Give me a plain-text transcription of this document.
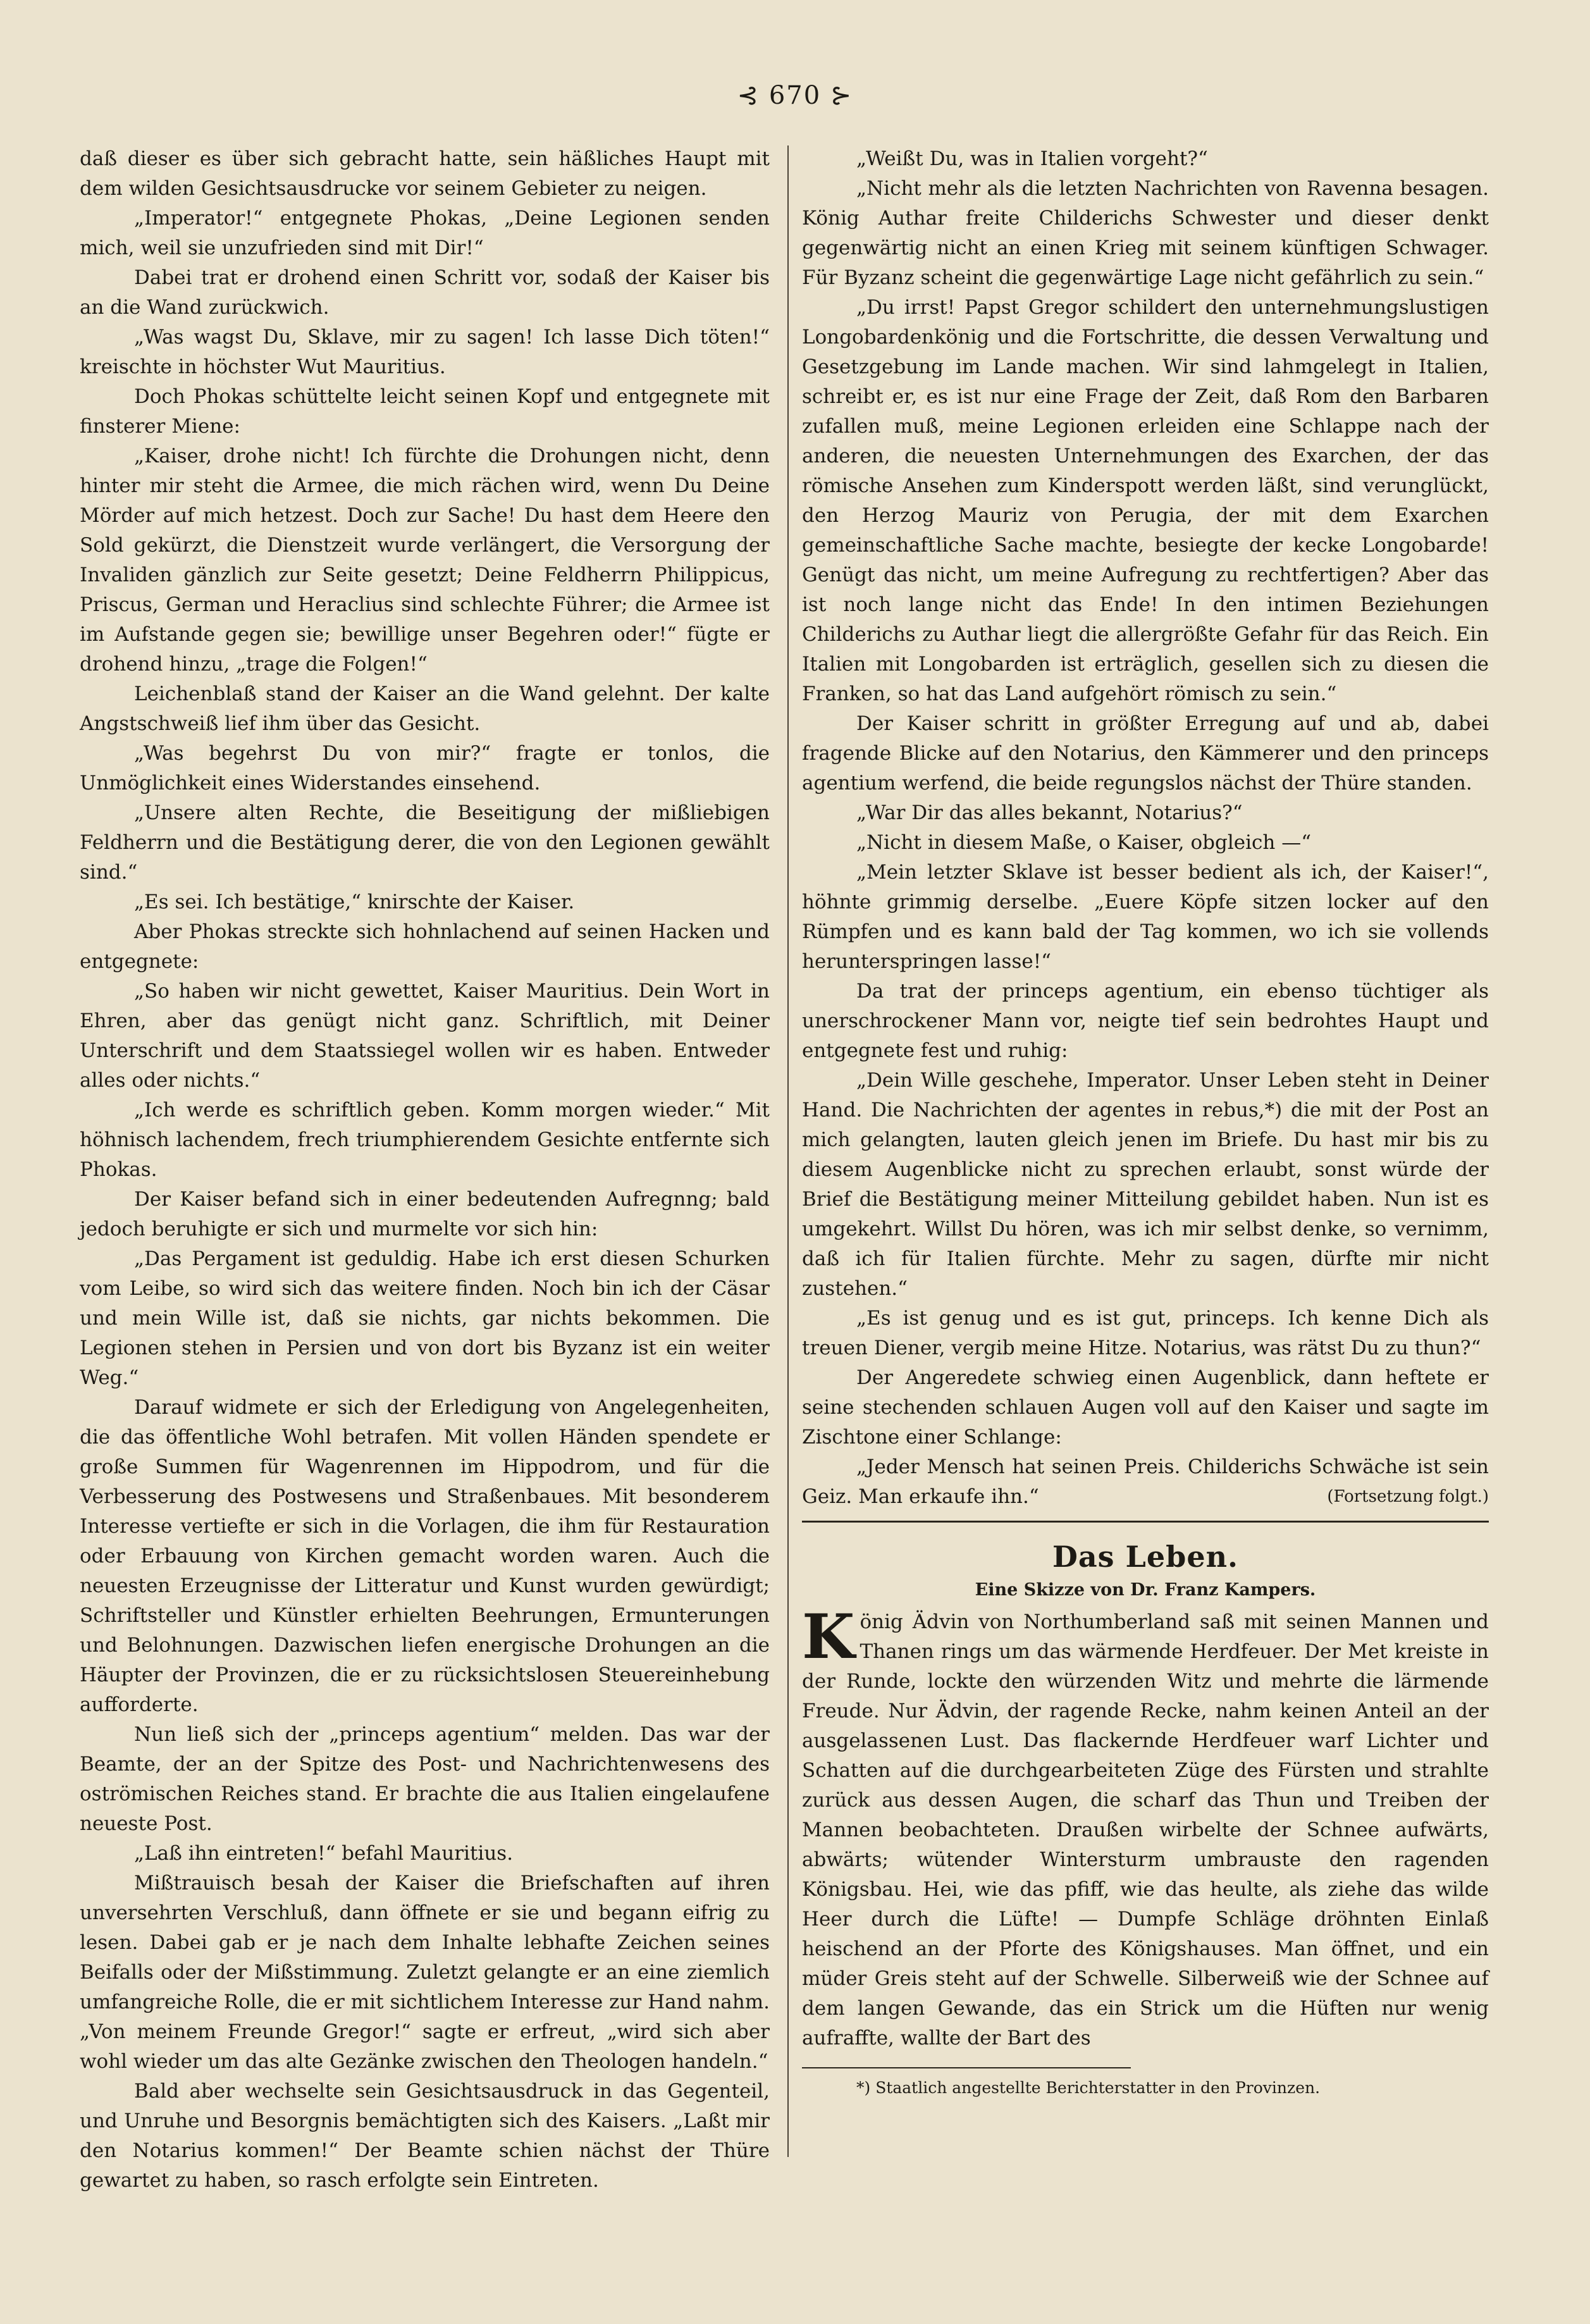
⊰ 670 ⊱

daß dieser es über sich gebracht hatte, sein häßliches Haupt mit dem wilden Gesichtsausdrucke vor seinem Gebieter zu neigen.

„Imperator!“ entgegnete Phokas, „Deine Legionen senden mich, weil sie unzufrieden sind mit Dir!“

Dabei trat er drohend einen Schritt vor, sodaß der Kaiser bis an die Wand zurückwich.

„Was wagst Du, Sklave, mir zu sagen! Ich lasse Dich töten!“ kreischte in höchster Wut Mauritius.

Doch Phokas schüttelte leicht seinen Kopf und entgegnete mit finsterer Miene:

„Kaiser, drohe nicht! Ich fürchte die Drohungen nicht, denn hinter mir steht die Armee, die mich rächen wird, wenn Du Deine Mörder auf mich hetzest. Doch zur Sache! Du hast dem Heere den Sold gekürzt, die Dienstzeit wurde verlängert, die Versorgung der Invaliden gänzlich zur Seite gesetzt; Deine Feldherrn Philippicus, Priscus, German und Heraclius sind schlechte Führer; die Armee ist im Aufstande gegen sie; bewillige unser Begehren oder!“ fügte er drohend hinzu, „trage die Folgen!“

Leichenblaß stand der Kaiser an die Wand gelehnt. Der kalte Angstschweiß lief ihm über das Gesicht.

„Was begehrst Du von mir?“ fragte er tonlos, die Unmöglichkeit eines Widerstandes einsehend.

„Unsere alten Rechte, die Beseitigung der mißliebigen Feldherrn und die Bestätigung derer, die von den Legionen gewählt sind.“

„Es sei. Ich bestätige,“ knirschte der Kaiser.

Aber Phokas streckte sich hohnlachend auf seinen Hacken und entgegnete:

„So haben wir nicht gewettet, Kaiser Mauritius. Dein Wort in Ehren, aber das genügt nicht ganz. Schriftlich, mit Deiner Unterschrift und dem Staatssiegel wollen wir es haben. Entweder alles oder nichts.“

„Ich werde es schriftlich geben. Komm morgen wieder.“ Mit höhnisch lachendem, frech triumphierendem Gesichte entfernte sich Phokas.

Der Kaiser befand sich in einer bedeutenden Aufregnng; bald jedoch beruhigte er sich und murmelte vor sich hin:

„Das Pergament ist geduldig. Habe ich erst diesen Schurken vom Leibe, so wird sich das weitere finden. Noch bin ich der Cäsar und mein Wille ist, daß sie nichts, gar nichts bekommen. Die Legionen stehen in Persien und von dort bis Byzanz ist ein weiter Weg.“

Darauf widmete er sich der Erledigung von Angelegenheiten, die das öffentliche Wohl betrafen. Mit vollen Händen spendete er große Summen für Wagenrennen im Hippodrom, und für die Verbesserung des Postwesens und Straßenbaues. Mit besonderem Interesse vertiefte er sich in die Vorlagen, die ihm für Restauration oder Erbauung von Kirchen gemacht worden waren. Auch die neuesten Erzeugnisse der Litteratur und Kunst wurden gewürdigt; Schriftsteller und Künstler erhielten Beehrungen, Ermunterungen und Belohnungen. Dazwischen liefen energische Drohungen an die Häupter der Provinzen, die er zu rücksichtslosen Steuereinhebung aufforderte.

Nun ließ sich der „princeps agentium“ melden. Das war der Beamte, der an der Spitze des Post- und Nachrichtenwesens des oströmischen Reiches stand. Er brachte die aus Italien eingelaufene neueste Post.

„Laß ihn eintreten!“ befahl Mauritius.

Mißtrauisch besah der Kaiser die Briefschaften auf ihren unversehrten Verschluß, dann öffnete er sie und begann eifrig zu lesen. Dabei gab er je nach dem Inhalte lebhafte Zeichen seines Beifalls oder der Mißstimmung. Zuletzt gelangte er an eine ziemlich umfangreiche Rolle, die er mit sichtlichem Interesse zur Hand nahm. „Von meinem Freunde Gregor!“ sagte er erfreut, „wird sich aber wohl wieder um das alte Gezänke zwischen den Theologen handeln.“

Bald aber wechselte sein Gesichtsausdruck in das Gegenteil, und Unruhe und Besorgnis bemächtigten sich des Kaisers. „Laßt mir den Notarius kommen!“ Der Beamte schien nächst der Thüre gewartet zu haben, so rasch erfolgte sein Eintreten.

„Weißt Du, was in Italien vorgeht?“

„Nicht mehr als die letzten Nachrichten von Ravenna besagen. König Authar freite Childerichs Schwester und dieser denkt gegenwärtig nicht an einen Krieg mit seinem künftigen Schwager. Für Byzanz scheint die gegenwärtige Lage nicht gefährlich zu sein.“

„Du irrst! Papst Gregor schildert den unternehmungslustigen Longobardenkönig und die Fortschritte, die dessen Verwaltung und Gesetzgebung im Lande machen. Wir sind lahmgelegt in Italien, schreibt er, es ist nur eine Frage der Zeit, daß Rom den Barbaren zufallen muß, meine Legionen erleiden eine Schlappe nach der anderen, die neuesten Unternehmungen des Exarchen, der das römische Ansehen zum Kinderspott werden läßt, sind verunglückt, den Herzog Mauriz von Perugia, der mit dem Exarchen gemeinschaftliche Sache machte, besiegte der kecke Longobarde! Genügt das nicht, um meine Aufregung zu rechtfertigen? Aber das ist noch lange nicht das Ende! In den intimen Beziehungen Childerichs zu Authar liegt die allergrößte Gefahr für das Reich. Ein Italien mit Longobarden ist erträglich, gesellen sich zu diesen die Franken, so hat das Land aufgehört römisch zu sein.“

Der Kaiser schritt in größter Erregung auf und ab, dabei fragende Blicke auf den Notarius, den Kämmerer und den princeps agentium werfend, die beide regungslos nächst der Thüre standen.

„War Dir das alles bekannt, Notarius?“

„Nicht in diesem Maße, o Kaiser, obgleich —“

„Mein letzter Sklave ist besser bedient als ich, der Kaiser!“, höhnte grimmig derselbe. „Euere Köpfe sitzen locker auf den Rümpfen und es kann bald der Tag kommen, wo ich sie vollends herunterspringen lasse!“

Da trat der princeps agentium, ein ebenso tüchtiger als unerschrockener Mann vor, neigte tief sein bedrohtes Haupt und entgegnete fest und ruhig:

„Dein Wille geschehe, Imperator. Unser Leben steht in Deiner Hand. Die Nachrichten der agentes in rebus,*) die mit der Post an mich gelangten, lauten gleich jenen im Briefe. Du hast mir bis zu diesem Augenblicke nicht zu sprechen erlaubt, sonst würde der Brief die Bestätigung meiner Mitteilung gebildet haben. Nun ist es umgekehrt. Willst Du hören, was ich mir selbst denke, so vernimm, daß ich für Italien fürchte. Mehr zu sagen, dürfte mir nicht zustehen.“

„Es ist genug und es ist gut, princeps. Ich kenne Dich als treuen Diener, vergib meine Hitze. Notarius, was rätst Du zu thun?“

Der Angeredete schwieg einen Augenblick, dann heftete er seine stechenden schlauen Augen voll auf den Kaiser und sagte im Zischtone einer Schlange:

„Jeder Mensch hat seinen Preis. Childerichs Schwäche ist sein Geiz. Man erkaufe ihn.“	(Fortsetzung folgt.)

Das Leben.
Eine Skizze von Dr. Franz Kampers.

König Ädvin von Northumberland saß mit seinen Mannen und Thanen rings um das wärmende Herdfeuer. Der Met kreiste in der Runde, lockte den würzenden Witz und mehrte die lärmende Freude. Nur Ädvin, der ragende Recke, nahm keinen Anteil an der ausgelassenen Lust. Das flackernde Herdfeuer warf Lichter und Schatten auf die durchgearbeiteten Züge des Fürsten und strahlte zurück aus dessen Augen, die scharf das Thun und Treiben der Mannen beobachteten. Draußen wirbelte der Schnee aufwärts, abwärts; wütender Wintersturm umbrauste den ragenden Königsbau. Hei, wie das pfiff, wie das heulte, als ziehe das wilde Heer durch die Lüfte! — Dumpfe Schläge dröhnten Einlaß heischend an der Pforte des Königshauses. Man öffnet, und ein müder Greis steht auf der Schwelle. Silberweiß wie der Schnee auf dem langen Gewande, das ein Strick um die Hüften nur wenig aufraffte, wallte der Bart des

*) Staatlich angestellte Berichterstatter in den Provinzen.
